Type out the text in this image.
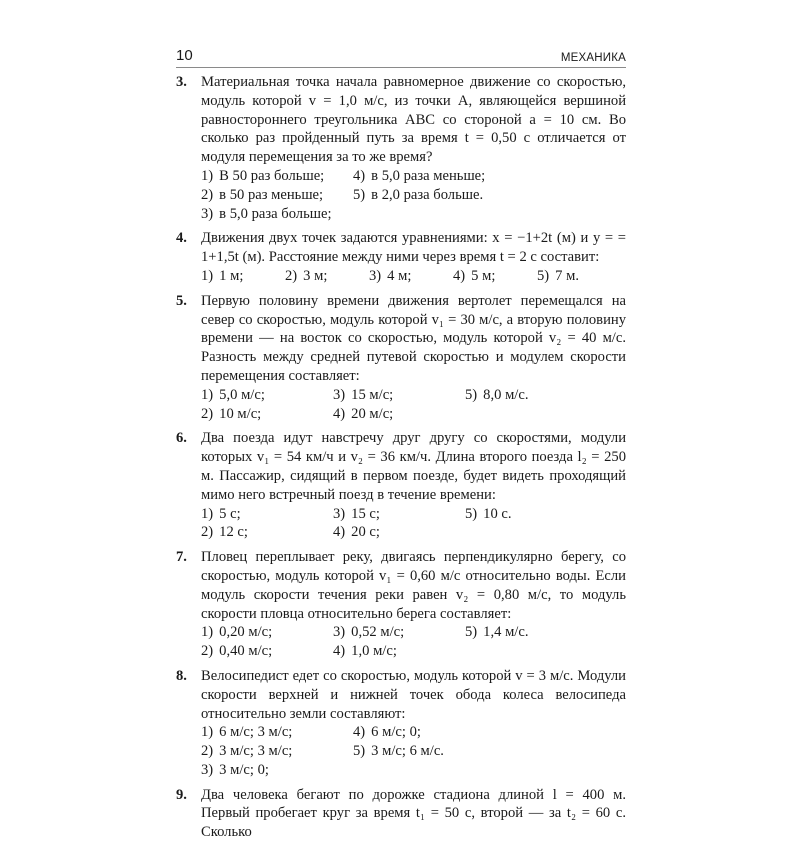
10	МЕХАНИКА
3. Материальная точка начала равномерное движение со скоростью, модуль которой v = 1,0 м/с, из точки A, являющейся вершиной равностороннего треугольника ABC со стороной a = 10 см. Во сколько раз пройденный путь за время t = 0,50 с отличается от модуля перемещения за то же время?
1) В 50 раз больше;	4) в 5,0 раза меньше;
2) в 50 раз меньше;	5) в 2,0 раза больше.
3) в 5,0 раза больше;
4. Движения двух точек задаются уравнениями: x = −1+2t (м) и y = = 1+1,5t (м). Расстояние между ними через время t = 2 с составит:
1) 1 м;	2) 3 м;	3) 4 м;	4) 5 м;	5) 7 м.
5. Первую половину времени движения вертолет перемещался на север со скоростью, модуль которой v₁ = 30 м/с, а вторую половину времени — на восток со скоростью, модуль которой v₂ = 40 м/с. Разность между средней путевой скоростью и модулем скорости перемещения составляет:
1) 5,0 м/с;	3) 15 м/с;	5) 8,0 м/с.
2) 10 м/с;	4) 20 м/с;
6. Два поезда идут навстречу друг другу со скоростями, модули которых v₁ = 54 км/ч и v₂ = 36 км/ч. Длина второго поезда l₂ = 250 м. Пассажир, сидящий в первом поезде, будет видеть проходящий мимо него встречный поезд в течение времени:
1) 5 с;	3) 15 с;	5) 10 с.
2) 12 с;	4) 20 с;
7. Пловец переплывает реку, двигаясь перпендикулярно берегу, со скоростью, модуль которой v₁ = 0,60 м/с относительно воды. Если модуль скорости течения реки равен v₂ = 0,80 м/с, то модуль скорости пловца относительно берега составляет:
1) 0,20 м/с;	3) 0,52 м/с;	5) 1,4 м/с.
2) 0,40 м/с;	4) 1,0 м/с;
8. Велосипедист едет со скоростью, модуль которой v = 3 м/с. Модули скорости верхней и нижней точек обода колеса велосипеда относительно земли составляют:
1) 6 м/с; 3 м/с;	4) 6 м/с; 0;
2) 3 м/с; 3 м/с;	5) 3 м/с; 6 м/с.
3) 3 м/с; 0;
9. Два человека бегают по дорожке стадиона длиной l = 400 м. Первый пробегает круг за время t₁ = 50 с, второй — за t₂ = 60 с. Сколько
